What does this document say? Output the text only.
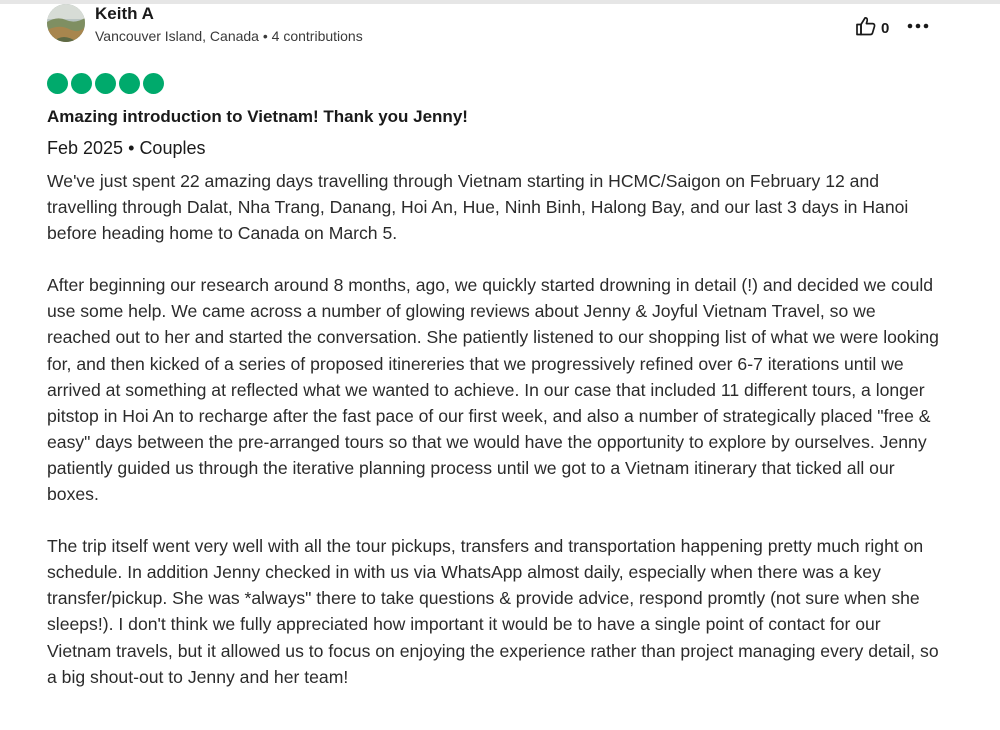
Keith A
Vancouver Island, Canada • 4 contributions	0
Amazing introduction to Vietnam! Thank you Jenny!
Feb 2025 • Couples

We've just spent 22 amazing days travelling through Vietnam starting in HCMC/Saigon on February 12 and travelling through Dalat, Nha Trang, Danang, Hoi An, Hue, Ninh Binh, Halong Bay, and our last 3 days in Hanoi before heading home to Canada on March 5.

After beginning our research around 8 months, ago, we quickly started drowning in detail (!) and decided we could use some help. We came across a number of glowing reviews about Jenny & Joyful Vietnam Travel, so we reached out to her and started the conversation. She patiently listened to our shopping list of what we were looking for, and then kicked of a series of proposed itinereries that we progressively refined over 6-7 iterations until we arrived at something at reflected what we wanted to achieve. In our case that included 11 different tours, a longer pitstop in Hoi An to recharge after the fast pace of our first week, and also a number of strategically placed "free & easy" days between the pre-arranged tours so that we would have the opportunity to explore by ourselves. Jenny patiently guided us through the iterative planning process until we got to a Vietnam itinerary that ticked all our boxes.

The trip itself went very well with all the tour pickups, transfers and transportation happening pretty much right on schedule. In addition Jenny checked in with us via WhatsApp almost daily, especially when there was a key transfer/pickup. She was *always" there to take questions & provide advice, respond promtly (not sure when she sleeps!). I don't think we fully appreciated how important it would be to have a single point of contact for our Vietnam travels, but it allowed us to focus on enjoying the experience rather than project managing every detail, so a big shout-out to Jenny and her team!
